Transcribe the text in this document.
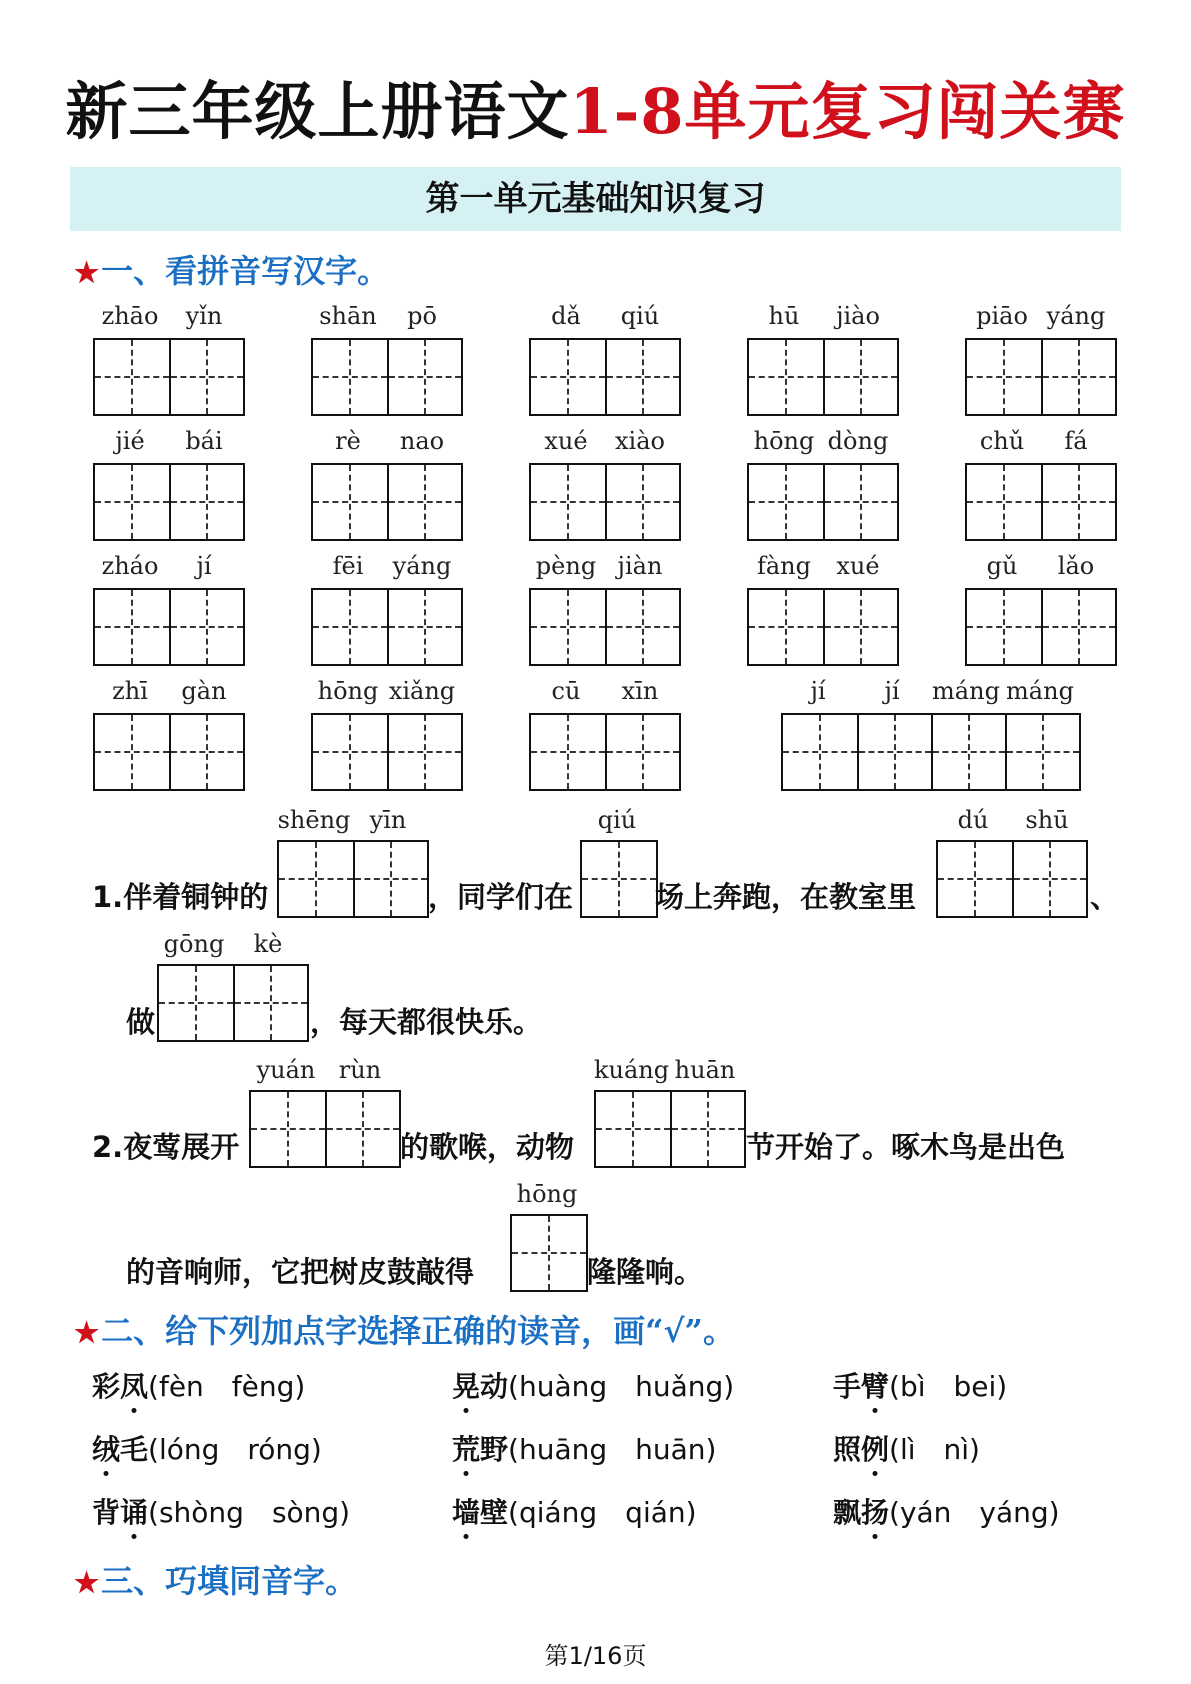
新三年级上册语文1-8单元复习闯关赛
第一单元基础知识复习
★一、看拼音写汉字。
zhāo	yǐn	shān	pō	dǎ	qiú	hū	jiào	piāo yáng
jié	bái	rè	nao	xué	xiào	hōng dòng	chǔ	fá
zháo	jí	fēi	yáng	pèng jiàn	fàng	xué	gǔ	lǎo
zhī	gàn	hōng xiǎng	cū	xīn	jí	jí	máng máng
1.伴着铜钟的
shēng yīn
，同学们在
qiú
场上奔跑，在教室里
dú	shū
、
做
gōng	kè
，每天都很快乐。
2.夜莺展开
yuán rùn
的歌喉，动物
kuáng huān
节开始了。啄木鸟是出色
的音响师，它把树皮鼓敲得
hōng
隆隆响。
★二、给下列加点字选择正确的读音，画“√”。
彩凤(fèn　fèng)	晃动(huàng　huǎng)	手臂(bì　bei)
绒毛(lóng　róng)	荒野(huāng　huān)	照例(lì　nì)
背诵(shòng　sòng)	墙壁(qiáng　qián)	飘扬(yán　yáng)
★三、巧填同音字。
第1/16页
